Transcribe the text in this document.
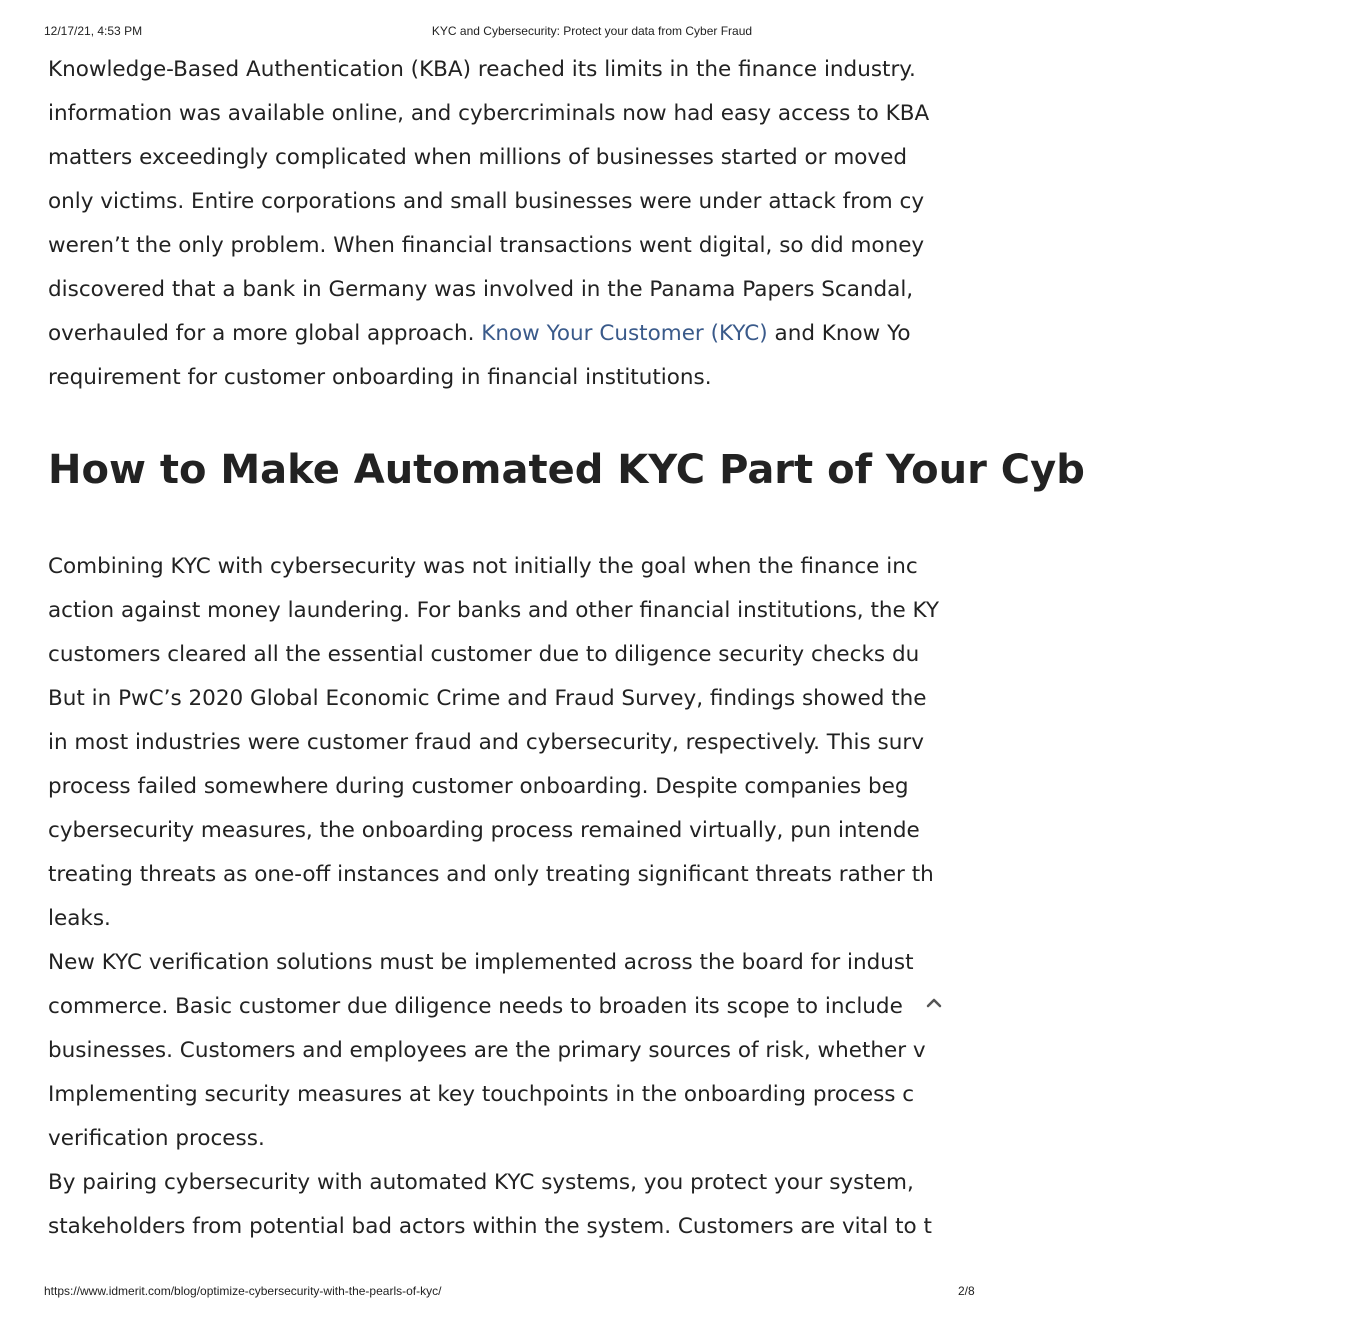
12/17/21, 4:53 PM	KYC and Cybersecurity: Protect your data from Cyber Fraud

Knowledge-Based Authentication (KBA) reached its limits in the finance industry.
information was available online, and cybercriminals now had easy access to KBA
matters exceedingly complicated when millions of businesses started or moved
only victims. Entire corporations and small businesses were under attack from cy
weren’t the only problem. When financial transactions went digital, so did money
discovered that a bank in Germany was involved in the Panama Papers Scandal,
overhauled for a more global approach. Know Your Customer (KYC) and Know Yo
requirement for customer onboarding in financial institutions.

How to Make Automated KYC Part of Your Cyb

Combining KYC with cybersecurity was not initially the goal when the finance inc
action against money laundering. For banks and other financial institutions, the KY
customers cleared all the essential customer due to diligence security checks du
But in PwC’s 2020 Global Economic Crime and Fraud Survey, findings showed the
in most industries were customer fraud and cybersecurity, respectively. This surv
process failed somewhere during customer onboarding. Despite companies beg
cybersecurity measures, the onboarding process remained virtually, pun intende
treating threats as one-off instances and only treating significant threats rather th
leaks.

New KYC verification solutions must be implemented across the board for indust
commerce. Basic customer due diligence needs to broaden its scope to include
businesses. Customers and employees are the primary sources of risk, whether v
Implementing security measures at key touchpoints in the onboarding process c
verification process.

By pairing cybersecurity with automated KYC systems, you protect your system,
stakeholders from potential bad actors within the system. Customers are vital to t

https://www.idmerit.com/blog/optimize-cybersecurity-with-the-pearls-of-kyc/	2/8
